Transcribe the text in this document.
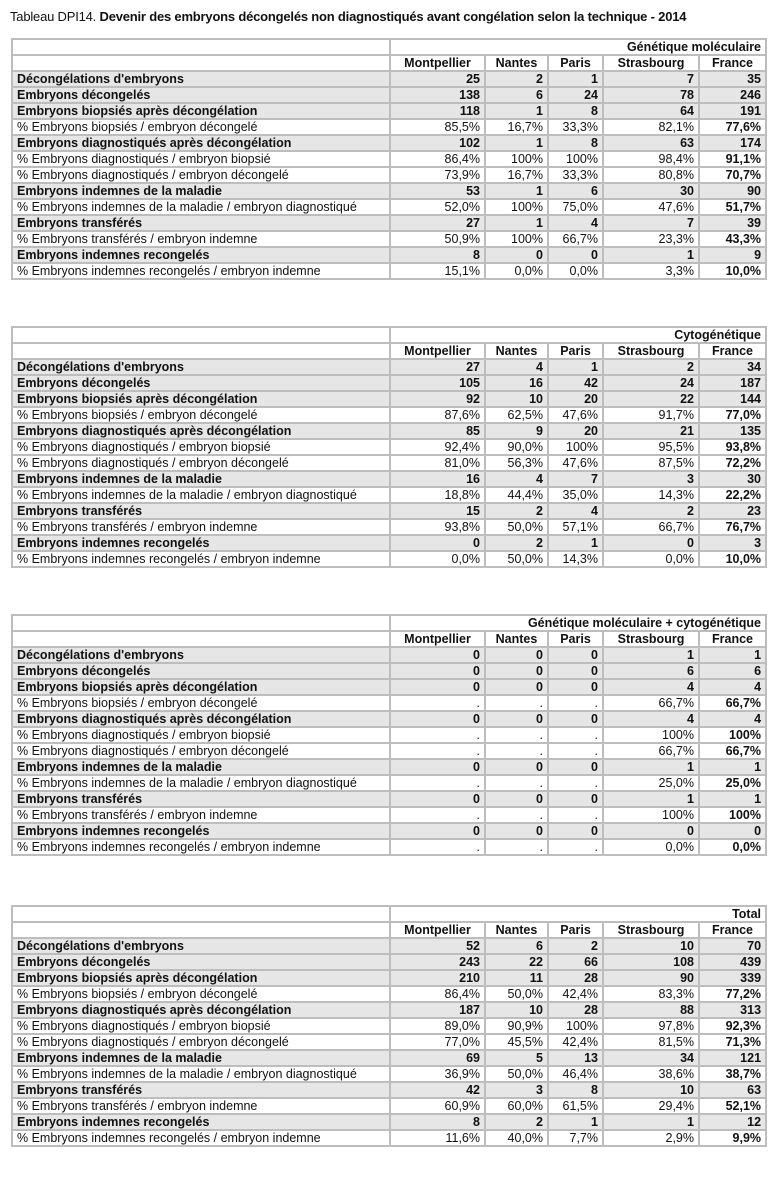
Tableau DPI14. Devenir des embryons décongelés non diagnostiqués avant congélation selon la technique - 2014
	Génétique moléculaire				
	Montpellier	Nantes	Paris	Strasbourg	France
Décongélations d'embryons	25	2	1	7	35
Embryons décongelés	138	6	24	78	246
Embryons biopsiés après décongélation	118	1	8	64	191
% Embryons biopsiés / embryon décongelé	85,5%	16,7%	33,3%	82,1%	77,6%
Embryons diagnostiqués après décongélation	102	1	8	63	174
% Embryons diagnostiqués / embryon biopsié	86,4%	100%	100%	98,4%	91,1%
% Embryons diagnostiqués / embryon décongelé	73,9%	16,7%	33,3%	80,8%	70,7%
Embryons indemnes de la maladie	53	1	6	30	90
% Embryons indemnes de la maladie / embryon diagnostiqué	52,0%	100%	75,0%	47,6%	51,7%
Embryons transférés	27	1	4	7	39
% Embryons transférés / embryon indemne	50,9%	100%	66,7%	23,3%	43,3%
Embryons indemnes recongelés	8	0	0	1	9
% Embryons indemnes recongelés / embryon indemne	15,1%	0,0%	0,0%	3,3%	10,0%
	Cytogénétique				
	Montpellier	Nantes	Paris	Strasbourg	France
Décongélations d'embryons	27	4	1	2	34
Embryons décongelés	105	16	42	24	187
Embryons biopsiés après décongélation	92	10	20	22	144
% Embryons biopsiés / embryon décongelé	87,6%	62,5%	47,6%	91,7%	77,0%
Embryons diagnostiqués après décongélation	85	9	20	21	135
% Embryons diagnostiqués / embryon biopsié	92,4%	90,0%	100%	95,5%	93,8%
% Embryons diagnostiqués / embryon décongelé	81,0%	56,3%	47,6%	87,5%	72,2%
Embryons indemnes de la maladie	16	4	7	3	30
% Embryons indemnes de la maladie / embryon diagnostiqué	18,8%	44,4%	35,0%	14,3%	22,2%
Embryons transférés	15	2	4	2	23
% Embryons transférés / embryon indemne	93,8%	50,0%	57,1%	66,7%	76,7%
Embryons indemnes recongelés	0	2	1	0	3
% Embryons indemnes recongelés / embryon indemne	0,0%	50,0%	14,3%	0,0%	10,0%
	Génétique moléculaire + cytogénétique				
	Montpellier	Nantes	Paris	Strasbourg	France
Décongélations d'embryons	0	0	0	1	1
Embryons décongelés	0	0	0	6	6
Embryons biopsiés après décongélation	0	0	0	4	4
% Embryons biopsiés / embryon décongelé	.	.	.	66,7%	66,7%
Embryons diagnostiqués après décongélation	0	0	0	4	4
% Embryons diagnostiqués / embryon biopsié	.	.	.	100%	100%
% Embryons diagnostiqués / embryon décongelé	.	.	.	66,7%	66,7%
Embryons indemnes de la maladie	0	0	0	1	1
% Embryons indemnes de la maladie / embryon diagnostiqué	.	.	.	25,0%	25,0%
Embryons transférés	0	0	0	1	1
% Embryons transférés / embryon indemne	.	.	.	100%	100%
Embryons indemnes recongelés	0	0	0	0	0
% Embryons indemnes recongelés / embryon indemne	.	.	.	0,0%	0,0%
	Total				
	Montpellier	Nantes	Paris	Strasbourg	France
Décongélations d'embryons	52	6	2	10	70
Embryons décongelés	243	22	66	108	439
Embryons biopsiés après décongélation	210	11	28	90	339
% Embryons biopsiés / embryon décongelé	86,4%	50,0%	42,4%	83,3%	77,2%
Embryons diagnostiqués après décongélation	187	10	28	88	313
% Embryons diagnostiqués / embryon biopsié	89,0%	90,9%	100%	97,8%	92,3%
% Embryons diagnostiqués / embryon décongelé	77,0%	45,5%	42,4%	81,5%	71,3%
Embryons indemnes de la maladie	69	5	13	34	121
% Embryons indemnes de la maladie / embryon diagnostiqué	36,9%	50,0%	46,4%	38,6%	38,7%
Embryons transférés	42	3	8	10	63
% Embryons transférés / embryon indemne	60,9%	60,0%	61,5%	29,4%	52,1%
Embryons indemnes recongelés	8	2	1	1	12
% Embryons indemnes recongelés / embryon indemne	11,6%	40,0%	7,7%	2,9%	9,9%
